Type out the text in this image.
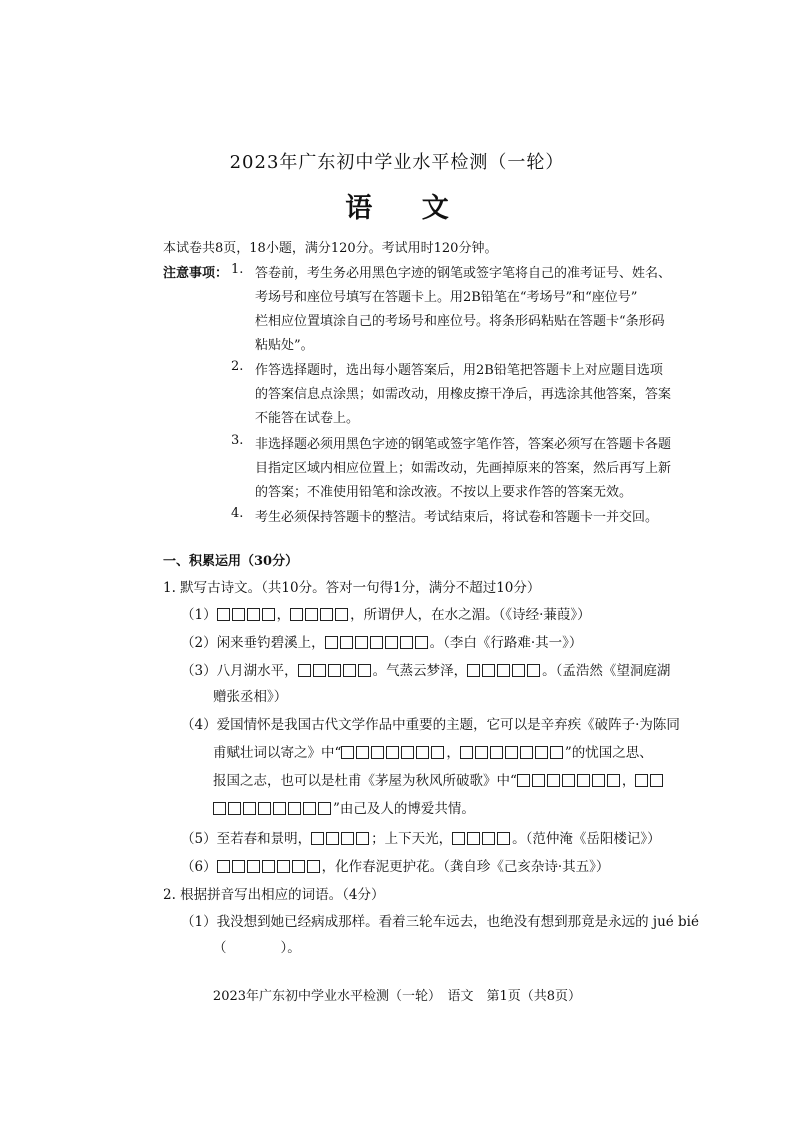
2023年广东初中学业水平检测（一轮）
语 文
本试卷共8页，18小题，满分120分。考试用时120分钟。
注意事项： 1. 答卷前，考生务必用黑色字迹的钢笔或签字笔将自己的准考证号、姓名、
考场号和座位号填写在答题卡上。用2B铅笔在“考场号”和“座位号”
栏相应位置填涂自己的考场号和座位号。将条形码粘贴在答题卡“条形码
粘贴处”。
2. 作答选择题时，选出每小题答案后，用2B铅笔把答题卡上对应题目选项
的答案信息点涂黑；如需改动，用橡皮擦干净后，再选涂其他答案，答案
不能答在试卷上。
3. 非选择题必须用黑色字迹的钢笔或签字笔作答，答案必须写在答题卡各题
目指定区域内相应位置上；如需改动，先画掉原来的答案，然后再写上新
的答案；不准使用铅笔和涂改液。不按以上要求作答的答案无效。
4. 考生必须保持答题卡的整洁。考试结束后，将试卷和答题卡一并交回。
一、积累运用（30分）
1. 默写古诗文。（共10分。答对一句得1分，满分不超过10分）
（1）	，	，所谓伊人，在水之湄。（《诗经·蒹葭》）
（2）闲来垂钓碧溪上，	。（李白《行路难·其一》）
（3）八月湖水平，	。气蒸云梦泽，	。（孟浩然《望洞庭湖
赠张丞相》）
（4）爱国情怀是我国古代文学作品中重要的主题，它可以是辛弃疾《破阵子·为陈同
甫赋壮词以寄之》中“	，	”的忧国之思、
报国之志，也可以是杜甫《茅屋为秋风所破歌》中“	，
”由己及人的博爱共情。
（5）至若春和景明，	；上下天光，	。（范仲淹《岳阳楼记》）
（6）	，化作春泥更护花。（龚自珍《己亥杂诗·其五》）
2. 根据拼音写出相应的词语。（4分）
（1）我没想到她已经病成那样。看着三轮车远去，也绝没有想到那竟是永远的 jué bié
（　　　　）。
2023年广东初中学业水平检测（一轮）　语文　第1页（共8页）
